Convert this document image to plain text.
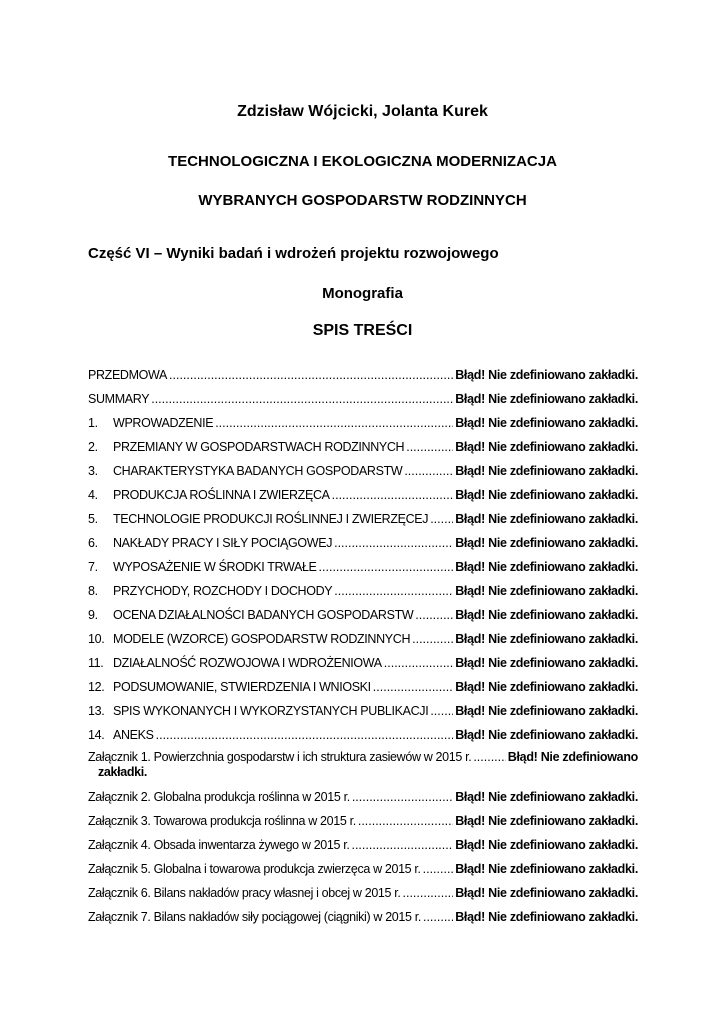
Zdzisław Wójcicki, Jolanta Kurek
TECHNOLOGICZNA I EKOLOGICZNA MODERNIZACJA
WYBRANYCH GOSPODARSTW RODZINNYCH
Część VI – Wyniki badań i wdrożeń projektu rozwojowego
Monografia
SPIS TREŚCI
PRZEDMOWA .....	Błąd! Nie zdefiniowano zakładki.
SUMMARY .....	Błąd! Nie zdefiniowano zakładki.
1.	WPROWADZENIE .....	Błąd! Nie zdefiniowano zakładki.
2.	PRZEMIANY W GOSPODARSTWACH RODZINNYCH .....	Błąd! Nie zdefiniowano zakładki.
3.	CHARAKTERYSTYKA BADANYCH GOSPODARSTW .....	Błąd! Nie zdefiniowano zakładki.
4.	PRODUKCJA ROŚLINNA I ZWIERZĘCA .....	Błąd! Nie zdefiniowano zakładki.
5.	TECHNOLOGIE PRODUKCJI ROŚLINNEJ I ZWIERZĘCEJ ..... Błąd! Nie zdefiniowano zakładki.
6.	NAKŁADY PRACY I SIŁY POCIĄGOWEJ .....	Błąd! Nie zdefiniowano zakładki.
7.	WYPOSAŻENIE W ŚRODKI TRWAŁE .....	Błąd! Nie zdefiniowano zakładki.
8.	PRZYCHODY, ROZCHODY I DOCHODY .....	Błąd! Nie zdefiniowano zakładki.
9.	OCENA DZIAŁALNOŚCI BADANYCH GOSPODARSTW .....	Błąd! Nie zdefiniowano zakładki.
10. MODELE (WZORCE) GOSPODARSTW RODZINNYCH .....	Błąd! Nie zdefiniowano zakładki.
11. DZIAŁALNOŚĆ ROZWOJOWA I WDROŻENIOWA .....	Błąd! Nie zdefiniowano zakładki.
12. PODSUMOWANIE, STWIERDZENIA I WNIOSKI .....	Błąd! Nie zdefiniowano zakładki.
13. SPIS WYKONANYCH I WYKORZYSTANYCH PUBLIKACJI ..... Błąd! Nie zdefiniowano zakładki.
14. ANEKS .....	Błąd! Nie zdefiniowano zakładki.
Załącznik 1. Powierzchnia gospodarstw i ich struktura zasiewów w 2015 r. .....	Błąd! Nie zdefiniowano
zakładki.
Załącznik 2. Globalna produkcja roślinna w 2015 r. .....	Błąd! Nie zdefiniowano zakładki.
Załącznik 3. Towarowa produkcja roślinna w 2015 r. .....	Błąd! Nie zdefiniowano zakładki.
Załącznik 4. Obsada inwentarza żywego w 2015 r. .....	Błąd! Nie zdefiniowano zakładki.
Załącznik 5. Globalna i towarowa produkcja zwierzęca w 2015 r. .....	Błąd! Nie zdefiniowano zakładki.
Załącznik 6. Bilans nakładów pracy własnej i obcej w 2015 r. .....	Błąd! Nie zdefiniowano zakładki.
Załącznik 7. Bilans nakładów siły pociągowej (ciągniki) w 2015 r. .....	Błąd! Nie zdefiniowano zakładki.
